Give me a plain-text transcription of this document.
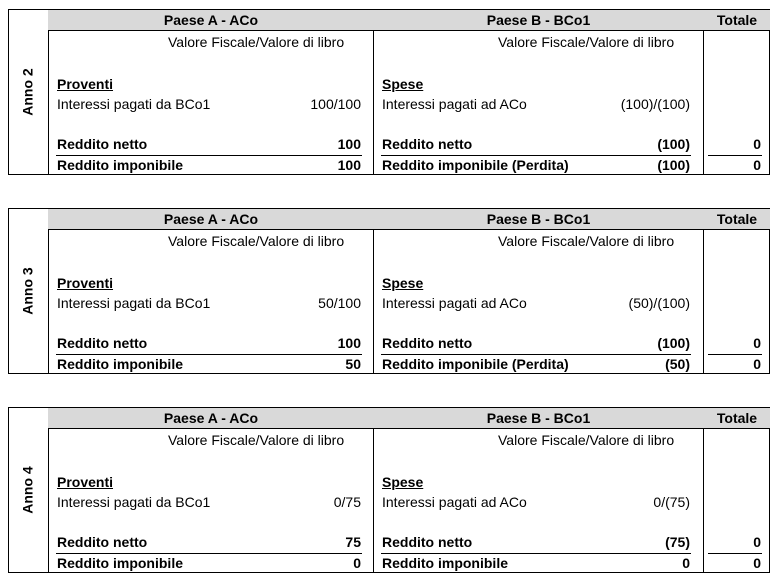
Paese A - ACo	Paese B - BCo1	Totale
Anno 2
Valore Fiscale/Valore di libro	Valore Fiscale/Valore di libro
Proventi	Spese
Interessi pagati da BCo1	100/100 Interessi pagati ad ACo	(100)/(100)
Reddito netto	100 Reddito netto	(100)	0
Reddito imponibile	100 Reddito imponibile (Perdita)	(100)	0
Paese A - ACo	Paese B - BCo1	Totale
Anno 3
Valore Fiscale/Valore di libro	Valore Fiscale/Valore di libro
Proventi	Spese
Interessi pagati da BCo1	50/100 Interessi pagati ad ACo	(50)/(100)
Reddito netto	100 Reddito netto	(100)	0
Reddito imponibile	50 Reddito imponibile (Perdita)	(50)	0
Paese A - ACo	Paese B - BCo1	Totale
Anno 4
Valore Fiscale/Valore di libro	Valore Fiscale/Valore di libro
Proventi	Spese
Interessi pagati da BCo1	0/75 Interessi pagati ad ACo	0/(75)
Reddito netto	75 Reddito netto	(75)	0
Reddito imponibile	0 Reddito imponibile	0	0
